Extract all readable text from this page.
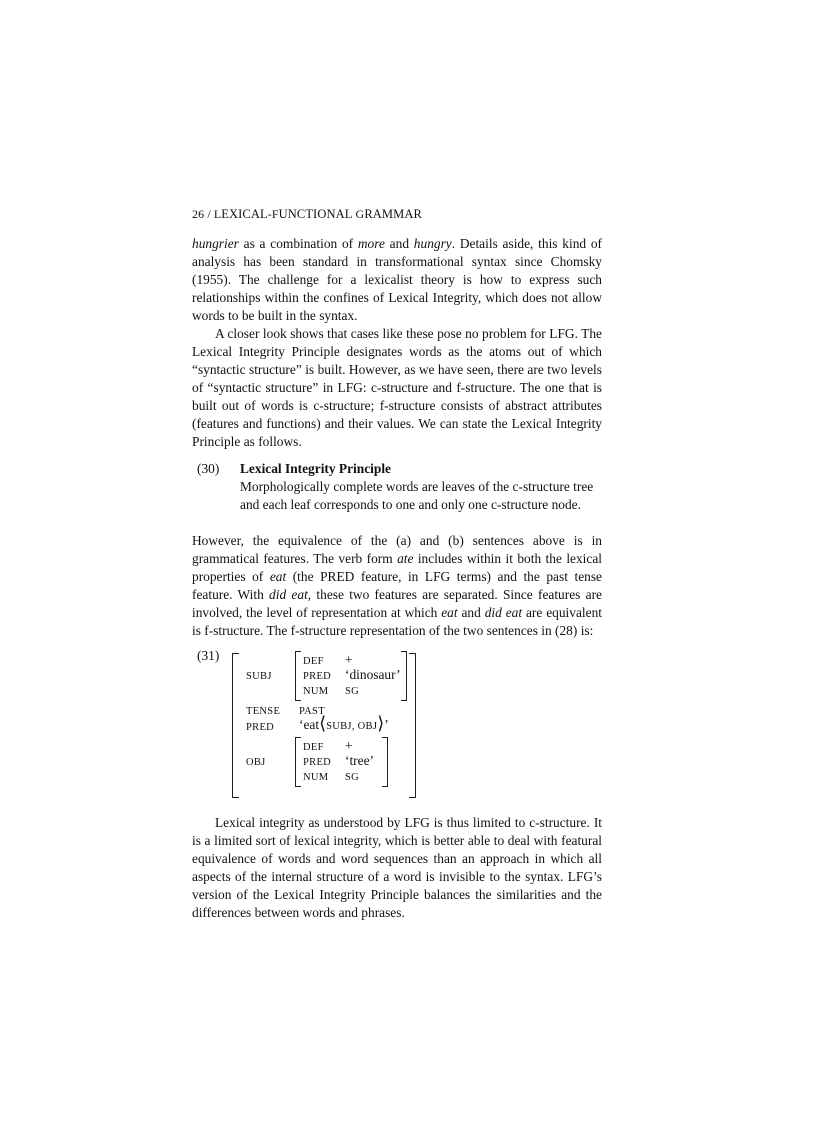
26 / LEXICAL-FUNCTIONAL GRAMMAR
hungrier as a combination of more and hungry. Details aside, this kind of analysis has been standard in transformational syntax since Chomsky (1955). The challenge for a lexicalist theory is how to express such relationships within the confines of Lexical Integrity, which does not allow words to be built in the syntax.
A closer look shows that cases like these pose no problem for LFG. The Lexical Integrity Principle designates words as the atoms out of which “syntactic structure” is built. However, as we have seen, there are two levels of “syntactic structure” in LFG: c-structure and f-structure. The one that is built out of words is c-structure; f-structure consists of abstract attributes (features and functions) and their values. We can state the Lexical Integrity Principle as follows.
(30) Lexical Integrity Principle
Morphologically complete words are leaves of the c-structure tree and each leaf corresponds to one and only one c-structure node.
However, the equivalence of the (a) and (b) sentences above is in grammatical features. The verb form ate includes within it both the lexical properties of eat (the PRED feature, in LFG terms) and the past tense feature. With did eat, these two features are separated. Since features are involved, the level of representation at which eat and did eat are equivalent is f-structure. The f-structure representation of the two sentences in (28) is:
(31)
SUBJ
DEF +
PRED ‘dinosaur’
NUM SG
TENSE PAST
PRED ‘eat⟨SUBJ, OBJ⟩’
OBJ
DEF +
PRED ‘tree’
NUM SG
Lexical integrity as understood by LFG is thus limited to c-structure. It is a limited sort of lexical integrity, which is better able to deal with featural equivalence of words and word sequences than an approach in which all aspects of the internal structure of a word is invisible to the syntax. LFG’s version of the Lexical Integrity Principle balances the similarities and the differences between words and phrases.
